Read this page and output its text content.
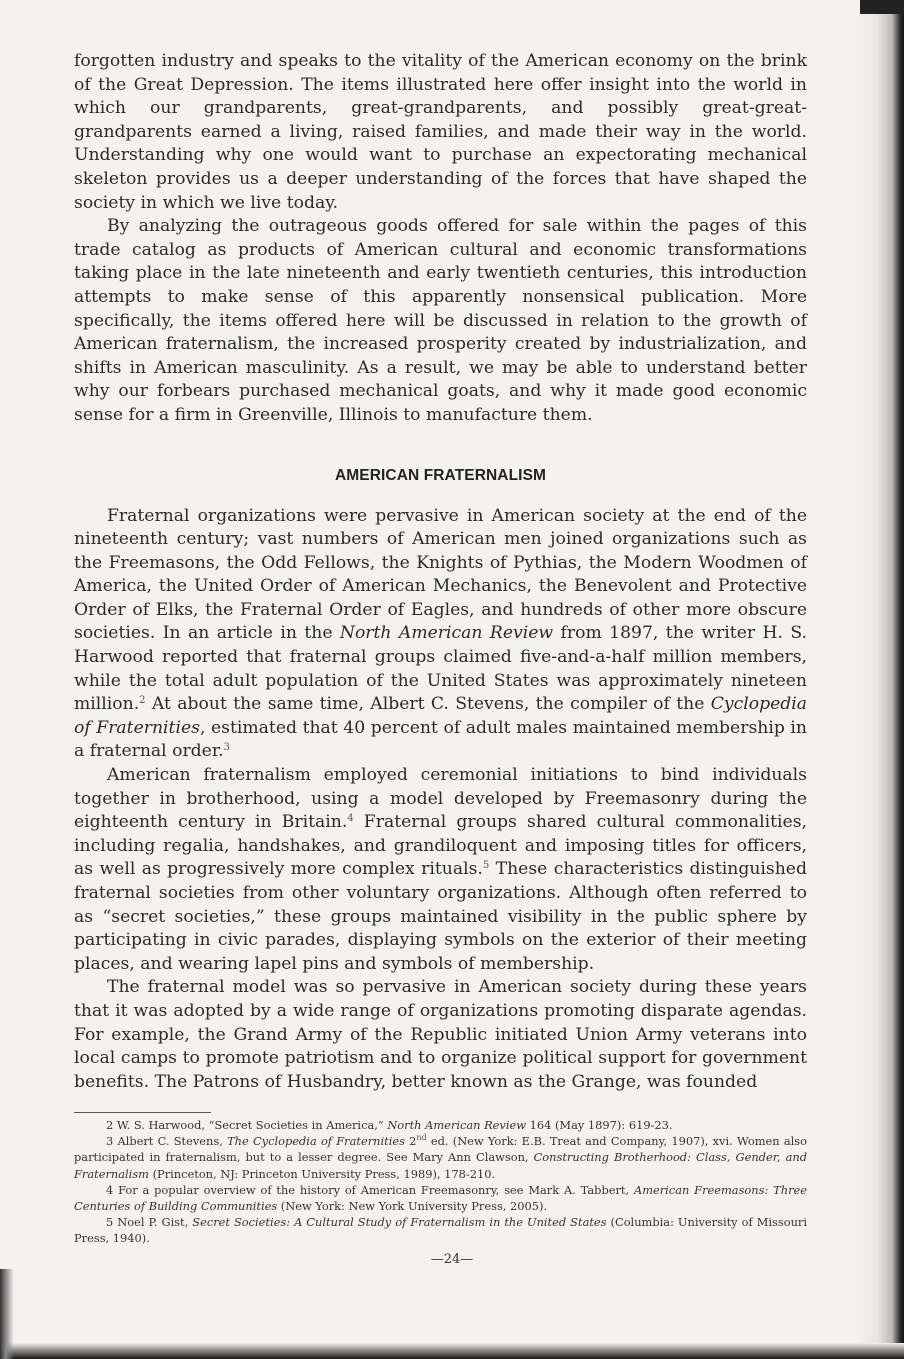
forgotten industry and speaks to the vitality of the American economy on the brink of the Great Depression. The items illustrated here offer insight into the world in which our grandparents, great-grandparents, and possibly great-great-grandparents earned a living, raised families, and made their way in the world. Understanding why one would want to purchase an expectorating mechanical skeleton provides us a deeper understanding of the forces that have shaped the society in which we live today.

By analyzing the outrageous goods offered for sale within the pages of this trade catalog as products of American cultural and economic transformations taking place in the late nineteenth and early twentieth centuries, this introduction attempts to make sense of this apparently nonsensical publication. More specifically, the items offered here will be discussed in relation to the growth of American fraternalism, the increased prosperity created by industrialization, and shifts in American masculinity. As a result, we may be able to understand better why our forbears purchased mechanical goats, and why it made good economic sense for a firm in Greenville, Illinois to manufacture them.

AMERICAN FRATERNALISM

Fraternal organizations were pervasive in American society at the end of the nineteenth century; vast numbers of American men joined organizations such as the Freemasons, the Odd Fellows, the Knights of Pythias, the Modern Woodmen of America, the United Order of American Mechanics, the Benevolent and Protective Order of Elks, the Fraternal Order of Eagles, and hundreds of other more obscure societies. In an article in the North American Review from 1897, the writer H. S. Harwood reported that fraternal groups claimed five-and-a-half million members, while the total adult population of the United States was approximately nineteen million.$^2$ At about the same time, Albert C. Stevens, the compiler of the Cyclopedia of Fraternities, estimated that 40 percent of adult males maintained membership in a fraternal order.$^3$

American fraternalism employed ceremonial initiations to bind individuals together in brotherhood, using a model developed by Freemasonry during the eighteenth century in Britain.$^4$ Fraternal groups shared cultural commonalities, including regalia, handshakes, and grandiloquent and imposing titles for officers, as well as progressively more complex rituals.$^5$ These characteristics distinguished fraternal societies from other voluntary organizations. Although often referred to as “secret societies,” these groups maintained visibility in the public sphere by participating in civic parades, displaying symbols on the exterior of their meeting places, and wearing lapel pins and symbols of membership.

The fraternal model was so pervasive in American society during these years that it was adopted by a wide range of organizations promoting disparate agendas. For example, the Grand Army of the Republic initiated Union Army veterans into local camps to promote patriotism and to organize political support for government benefits. The Patrons of Husbandry, better known as the Grange, was founded

2 W. S. Harwood, “Secret Societies in America,” North American Review 164 (May 1897): 619-23.

3 Albert C. Stevens, The Cyclopedia of Fraternities 2nd ed. (New York: E.B. Treat and Company, 1907), xvi. Women also participated in fraternalism, but to a lesser degree. See Mary Ann Clawson, Constructing Brotherhood: Class, Gender, and Fraternalism (Princeton, NJ: Princeton University Press, 1989), 178-210.

4 For a popular overview of the history of American Freemasonry, see Mark A. Tabbert, American Freemasons: Three Centuries of Building Communities (New York: New York University Press, 2005).

5 Noel P. Gist, Secret Societies: A Cultural Study of Fraternalism in the United States (Columbia: University of Missouri Press, 1940).

—24—
